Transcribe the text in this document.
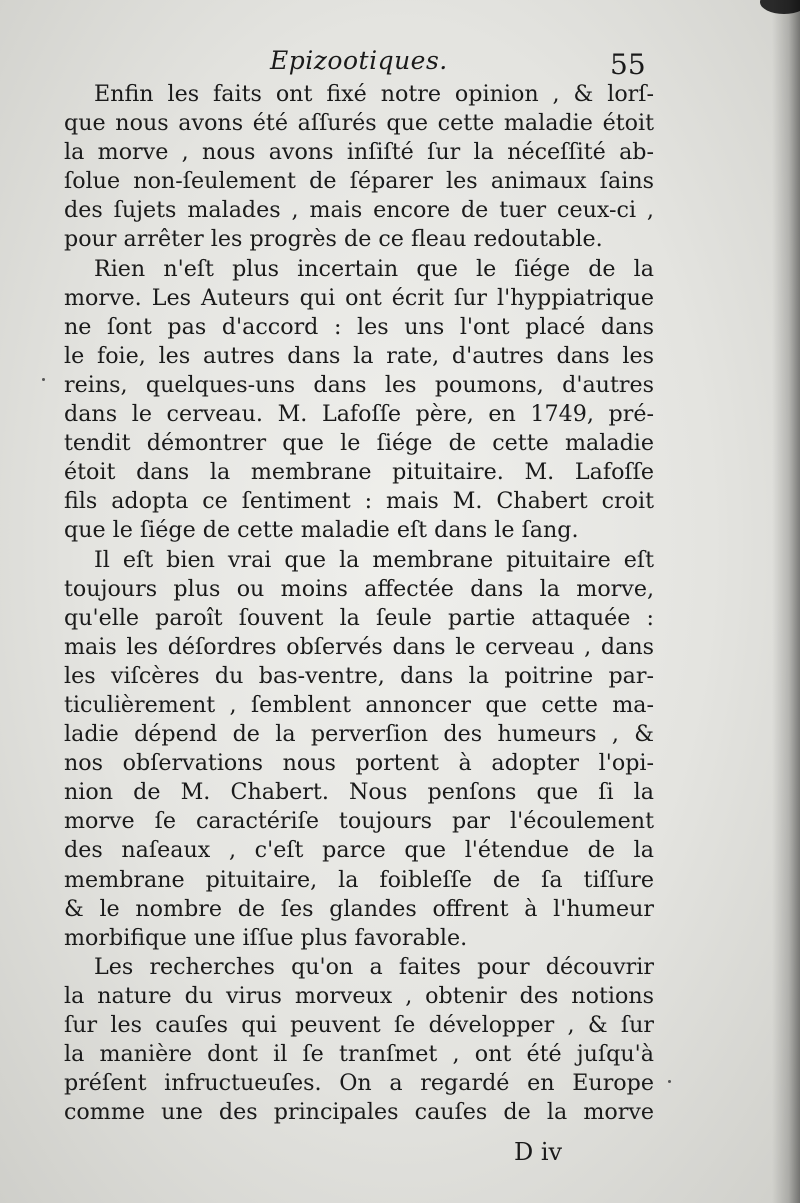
Epizootiques.	55

Enfin les faits ont fixé notre opinion , & lorſ-
que nous avons été aſſurés que cette maladie étoit
la morve , nous avons inſiſté ſur la néceſſité ab-
ſolue non-ſeulement de ſéparer les animaux ſains
des ſujets malades , mais encore de tuer ceux-ci ,
pour arrêter les progrès de ce fleau redoutable.

Rien n'eſt plus incertain que le ſiége de la
morve. Les Auteurs qui ont écrit ſur l'hyppiatrique
ne ſont pas d'accord : les uns l'ont placé dans
le foie, les autres dans la rate, d'autres dans les
reins, quelques-uns dans les poumons, d'autres
dans le cerveau. M. Lafoſſe père, en 1749, pré-
tendit démontrer que le ſiége de cette maladie
étoit dans la membrane pituitaire. M. Lafoſſe
fils adopta ce ſentiment : mais M. Chabert croit
que le ſiége de cette maladie eſt dans le ſang.

Il eſt bien vrai que la membrane pituitaire eſt
toujours plus ou moins affectée dans la morve,
qu'elle paroît ſouvent la ſeule partie attaquée :
mais les déſordres obſervés dans le cerveau , dans
les viſcères du bas-ventre, dans la poitrine par-
ticulièrement , ſemblent annoncer que cette ma-
ladie dépend de la perverſion des humeurs , &
nos obſervations nous portent à adopter l'opi-
nion de M. Chabert. Nous penſons que ſi la
morve ſe caractériſe toujours par l'écoulement
des naſeaux , c'eſt parce que l'étendue de la
membrane pituitaire, la foibleſſe de ſa tiſſure
& le nombre de ſes glandes offrent à l'humeur
morbifique une iſſue plus favorable.

Les recherches qu'on a faites pour découvrir
la nature du virus morveux , obtenir des notions
ſur les cauſes qui peuvent ſe développer , & ſur
la manière dont il ſe tranſmet , ont été juſqu'à
préſent infructueuſes. On a regardé en Europe
comme une des principales cauſes de la morve

D iv
